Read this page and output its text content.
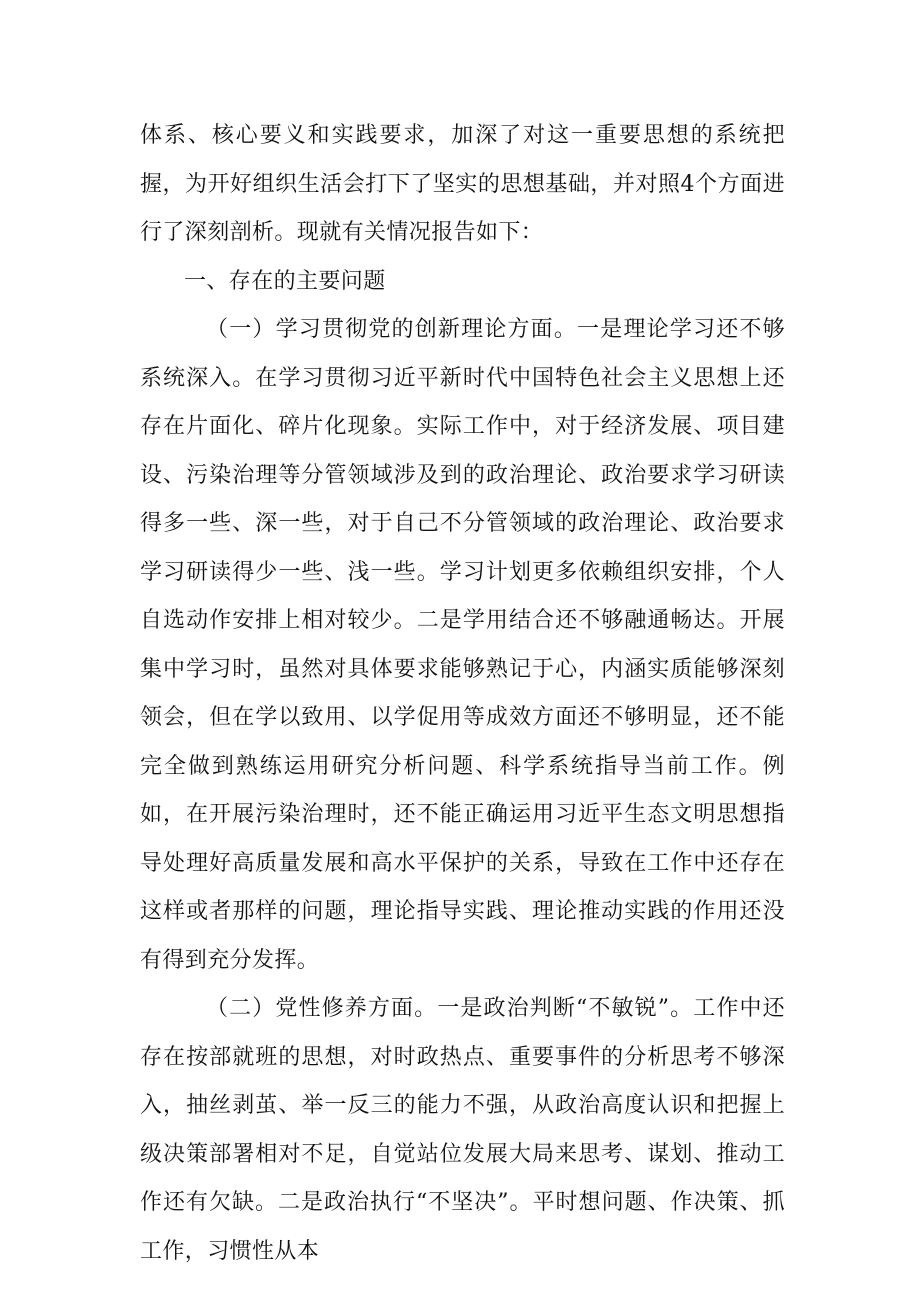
体系、核心要义和实践要求，加深了对这一重要思想的系统把握，为开好组织生活会打下了坚实的思想基础，并对照4个方面进行了深刻剖析。现就有关情况报告如下：

一、存在的主要问题

（一）学习贯彻党的创新理论方面。一是理论学习还不够系统深入。在学习贯彻习近平新时代中国特色社会主义思想上还存在片面化、碎片化现象。实际工作中，对于经济发展、项目建设、污染治理等分管领域涉及到的政治理论、政治要求学习研读得多一些、深一些，对于自己不分管领域的政治理论、政治要求学习研读得少一些、浅一些。学习计划更多依赖组织安排，个人自选动作安排上相对较少。二是学用结合还不够融通畅达。开展集中学习时，虽然对具体要求能够熟记于心，内涵实质能够深刻领会，但在学以致用、以学促用等成效方面还不够明显，还不能完全做到熟练运用研究分析问题、科学系统指导当前工作。例如，在开展污染治理时，还不能正确运用习近平生态文明思想指导处理好高质量发展和高水平保护的关系，导致在工作中还存在这样或者那样的问题，理论指导实践、理论推动实践的作用还没有得到充分发挥。

（二）党性修养方面。一是政治判断“不敏锐”。工作中还存在按部就班的思想，对时政热点、重要事件的分析思考不够深入，抽丝剥茧、举一反三的能力不强，从政治高度认识和把握上级决策部署相对不足，自觉站位发展大局来思考、谋划、推动工作还有欠缺。二是政治执行“不坚决”。平时想问题、作决策、抓工作，习惯性从本
